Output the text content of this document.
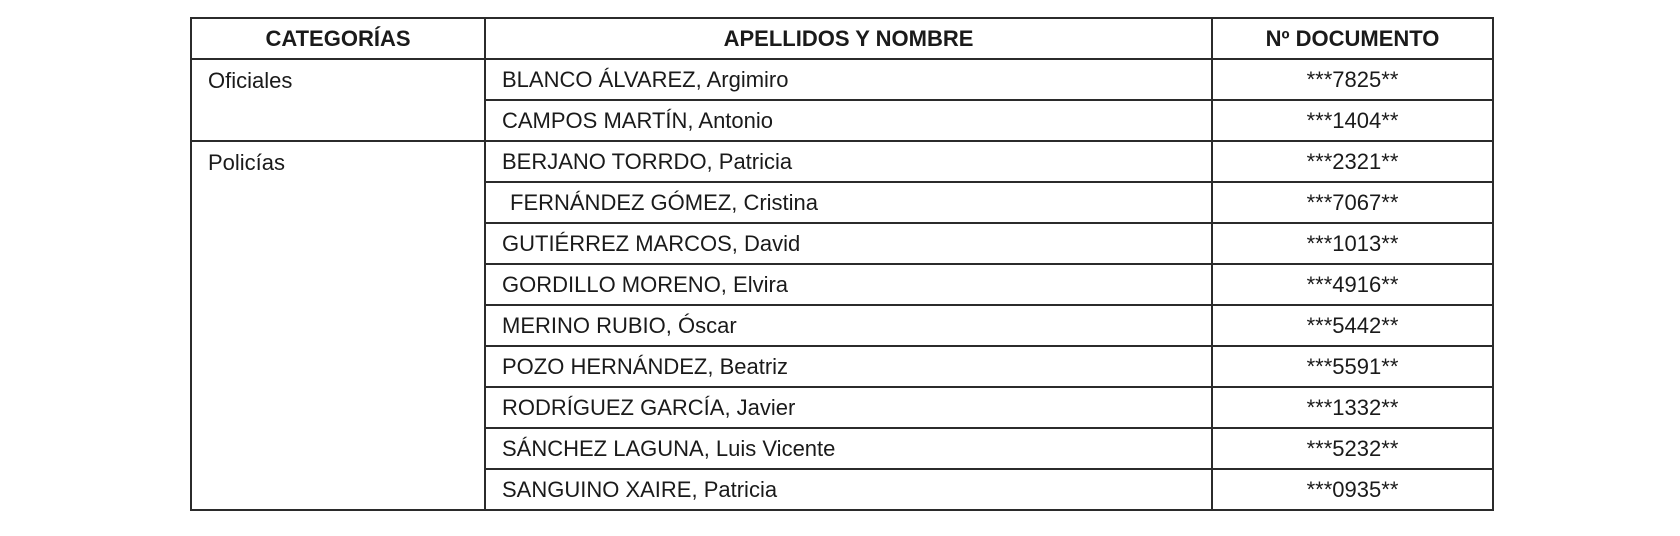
CATEGORÍAS	APELLIDOS Y NOMBRE	Nº DOCUMENTO
Oficiales	BLANCO ÁLVAREZ, Argimiro	***7825**
	CAMPOS MARTÍN, Antonio	***1404**
Policías	BERJANO TORRDO, Patricia	***2321**
	FERNÁNDEZ GÓMEZ, Cristina	***7067**
	GUTIÉRREZ MARCOS, David	***1013**
	GORDILLO MORENO, Elvira	***4916**
	MERINO RUBIO, Óscar	***5442**
	POZO HERNÁNDEZ, Beatriz	***5591**
	RODRÍGUEZ GARCÍA, Javier	***1332**
	SÁNCHEZ LAGUNA, Luis Vicente	***5232**
	SANGUINO XAIRE, Patricia	***0935**
